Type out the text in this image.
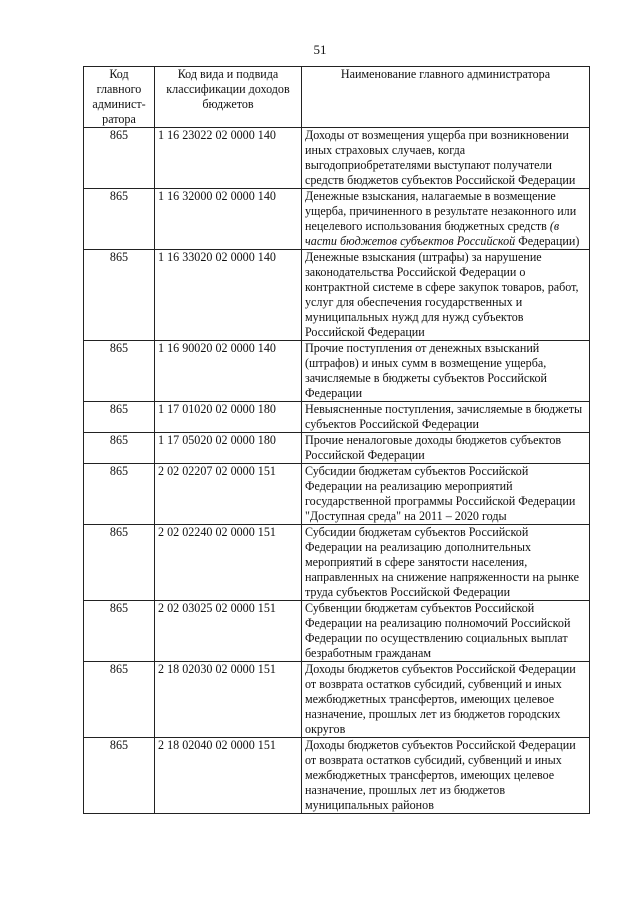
51
Код главного админист-ратора	Код вида и подвида классификации доходов бюджетов	Наименование главного администратора
865	1 16 23022 02 0000 140	Доходы от возмещения ущерба при возникновении иных страховых случаев, когда выгодоприобретателями выступают получатели средств бюджетов субъектов Российской Федерации
865	1 16 32000 02 0000 140	Денежные взыскания, налагаемые в возмещение ущерба, причиненного в результате незаконного или нецелевого использования бюджетных средств (в части бюджетов субъектов Российской Федерации)
865	1 16 33020 02 0000 140	Денежные взыскания (штрафы) за нарушение законодательства Российской Федерации о контрактной системе в сфере закупок товаров, работ, услуг для обеспечения государственных и муниципальных нужд для нужд субъектов Российской Федерации
865	1 16 90020 02 0000 140	Прочие поступления от денежных взысканий (штрафов) и иных сумм в возмещение ущерба, зачисляемые в бюджеты субъектов Российской Федерации
865	1 17 01020 02 0000 180	Невыясненные поступления, зачисляемые в бюджеты субъектов Российской Федерации
865	1 17 05020 02 0000 180	Прочие неналоговые доходы бюджетов субъектов Российской Федерации
865	2 02 02207 02 0000 151	Субсидии бюджетам субъектов Российской Федерации на реализацию мероприятий государственной программы Российской Федерации "Доступная среда" на 2011 – 2020 годы
865	2 02 02240 02 0000 151	Субсидии бюджетам субъектов Российской Федерации на реализацию дополнительных мероприятий в сфере занятости населения, направленных на снижение напряженности на рынке труда субъектов Российской Федерации
865	2 02 03025 02 0000 151	Субвенции бюджетам субъектов Российской Федерации на реализацию полномочий Российской Федерации по осуществлению социальных выплат безработным гражданам
865	2 18 02030 02 0000 151	Доходы бюджетов субъектов Российской Федерации от возврата остатков субсидий, субвенций и иных межбюджетных трансфертов, имеющих целевое назначение, прошлых лет из бюджетов городских округов
865	2 18 02040 02 0000 151	Доходы бюджетов субъектов Российской Федерации от возврата остатков субсидий, субвенций и иных межбюджетных трансфертов, имеющих целевое назначение, прошлых лет из бюджетов муниципальных районов
